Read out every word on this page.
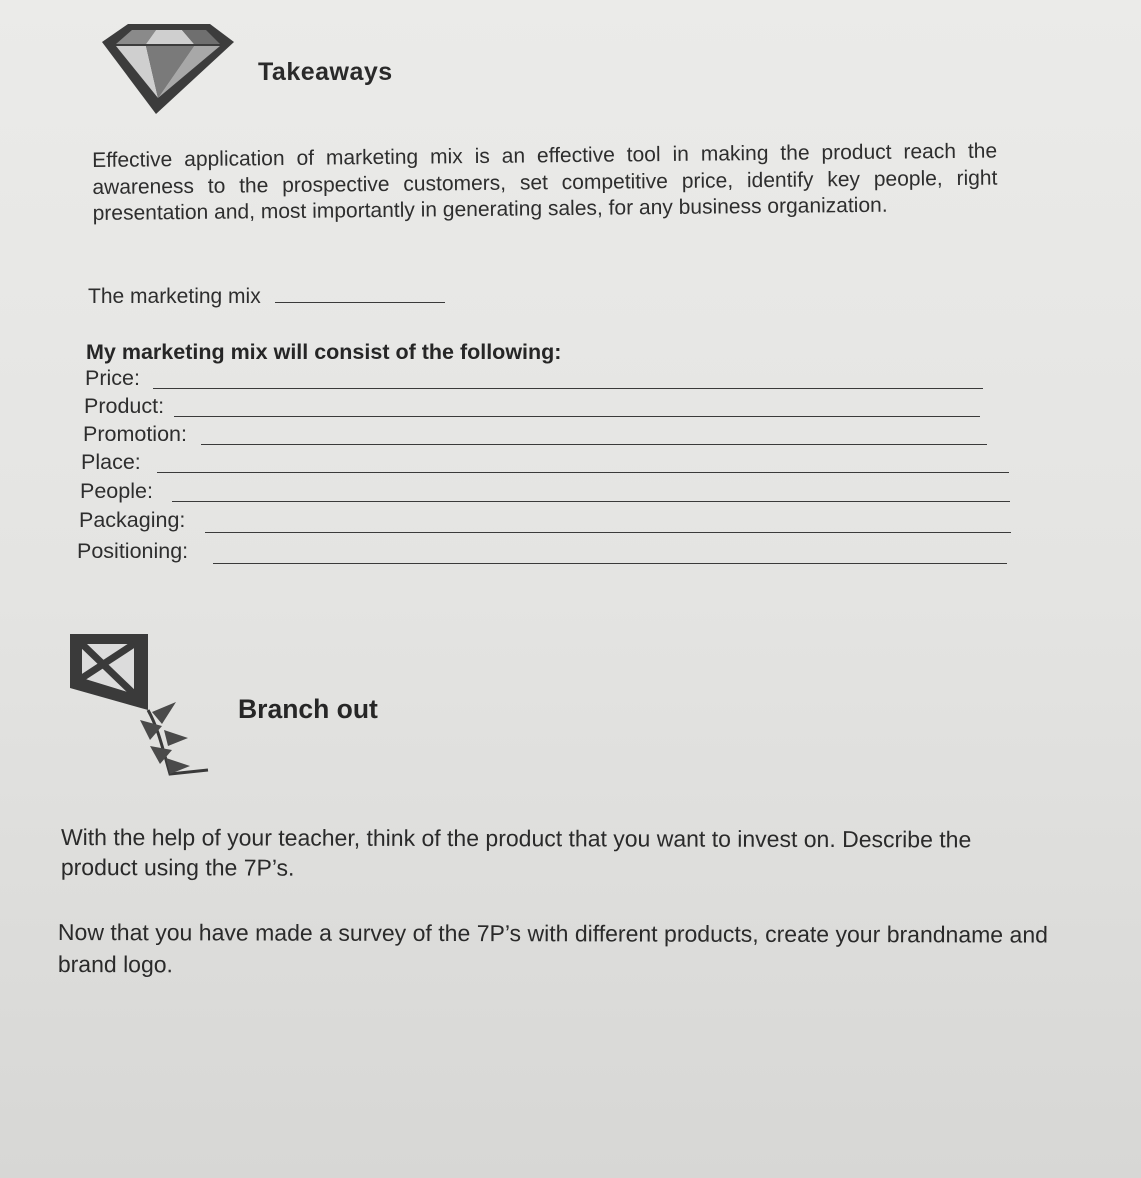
Takeaways
Effective application of marketing mix is an effective tool in making the product reach the awareness to the prospective customers, set competitive price, identify key people, right presentation and, most importantly in generating sales, for any business organization.
The marketing mix
My marketing mix will consist of the following:
Price:
Product:
Promotion:
Place:
People:
Packaging:
Positioning:
Branch out
With the help of your teacher, think of the product that you want to invest on. Describe the product using the 7P’s.
Now that you have made a survey of the 7P’s with different products, create your brandname and brand logo.
